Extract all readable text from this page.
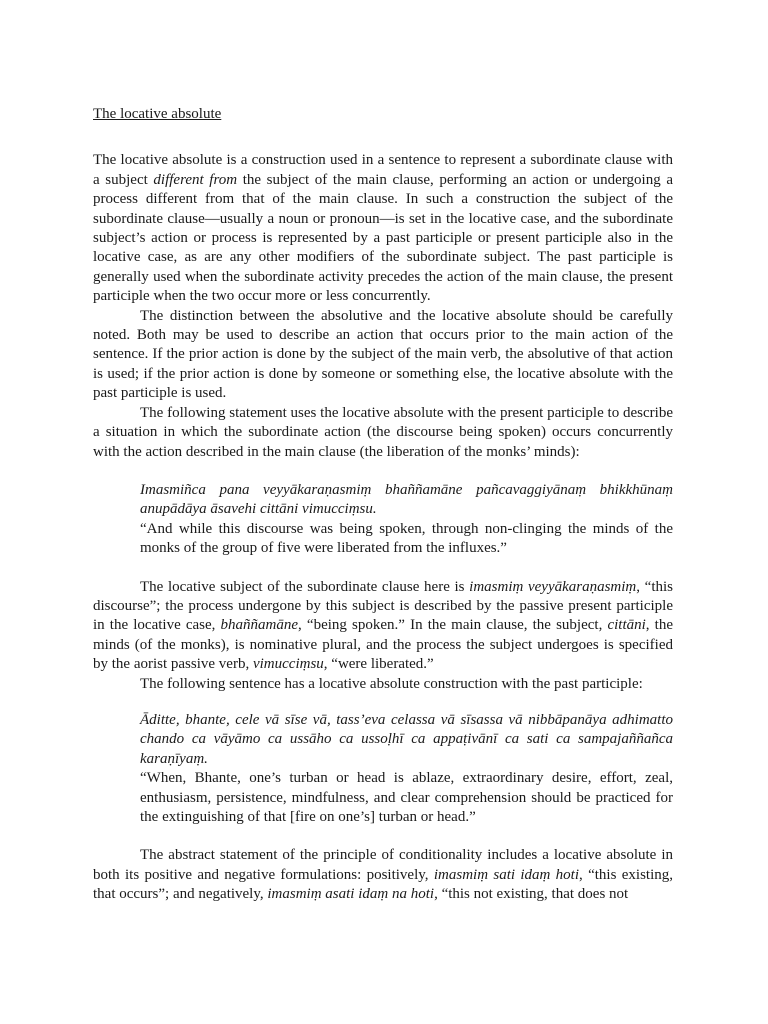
The locative absolute

The locative absolute is a construction used in a sentence to represent a subordinate clause with a subject different from the subject of the main clause, performing an action or undergoing a process different from that of the main clause. In such a construction the subject of the subordinate clause—usually a noun or pronoun—is set in the locative case, and the subordinate subject’s action or process is represented by a past participle or present participle also in the locative case, as are any other modifiers of the subordinate subject. The past participle is generally used when the subordinate activity precedes the action of the main clause, the present participle when the two occur more or less concurrently.

The distinction between the absolutive and the locative absolute should be carefully noted. Both may be used to describe an action that occurs prior to the main action of the sentence. If the prior action is done by the subject of the main verb, the absolutive of that action is used; if the prior action is done by someone or something else, the locative absolute with the past participle is used.

The following statement uses the locative absolute with the present participle to describe a situation in which the subordinate action (the discourse being spoken) occurs concurrently with the action described in the main clause (the liberation of the monks’ minds):

Imasmiñca pana veyyākaraṇasmiṃ bhaññamāne pañcavaggiyānaṃ bhikkhūnaṃ anupādāya āsavehi cittāni vimucciṃsu.

“And while this discourse was being spoken, through non-clinging the minds of the monks of the group of five were liberated from the influxes.”

The locative subject of the subordinate clause here is imasmiṃ veyyākaraṇasmiṃ, “this discourse”; the process undergone by this subject is described by the passive present participle in the locative case, bhaññamāne, “being spoken.” In the main clause, the subject, cittāni, the minds (of the monks), is nominative plural, and the process the subject undergoes is specified by the aorist passive verb, vimucciṃsu, “were liberated.”

The following sentence has a locative absolute construction with the past participle:

Āditte, bhante, cele vā sīse vā, tass’eva celassa vā sīsassa vā nibbāpanāya adhimatto chando ca vāyāmo ca ussāho ca ussoḷhī ca appaṭivānī ca sati ca sampajaññañca karaṇīyaṃ.

“When, Bhante, one’s turban or head is ablaze, extraordinary desire, effort, zeal, enthusiasm, persistence, mindfulness, and clear comprehension should be practiced for the extinguishing of that [fire on one’s] turban or head.”

The abstract statement of the principle of conditionality includes a locative absolute in both its positive and negative formulations: positively, imasmiṃ sati idaṃ hoti, “this existing, that occurs”; and negatively, imasmiṃ asati idaṃ na hoti, “this not existing, that does not
